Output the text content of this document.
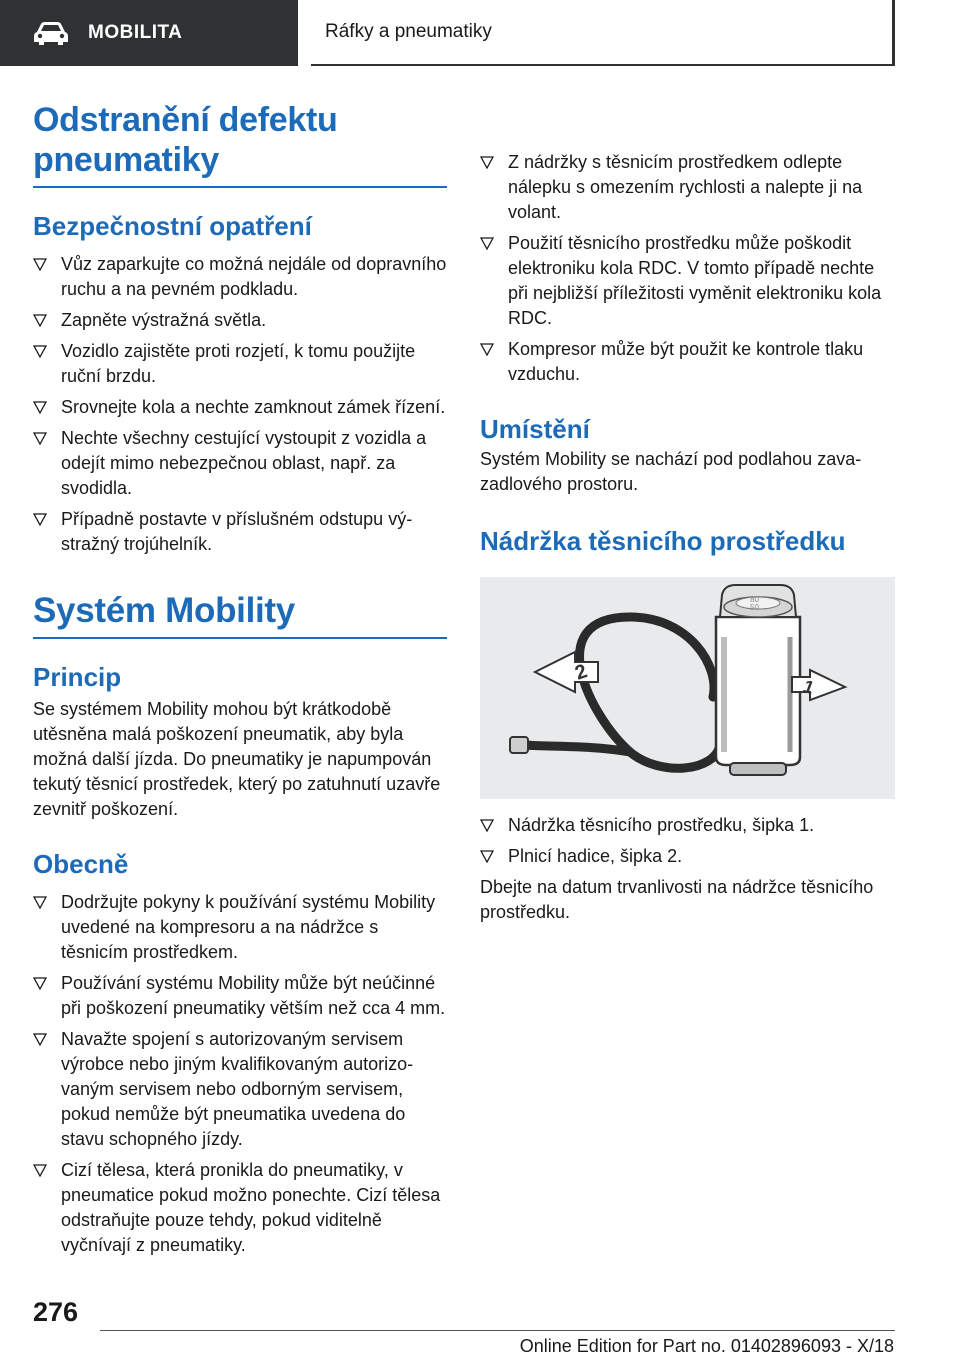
MOBILITA	Ráfky a pneumatiky
Odstranění defektu pneumatiky
Bezpečnostní opatření
Vůz zaparkujte co možná nejdále od dopravního ruchu a na pevném podkladu.
Zapněte výstražná světla.
Vozidlo zajistěte proti rozjetí, k tomu použijte ruční brzdu.
Srovnejte kola a nechte zamknout zámek řízení.
Nechte všechny cestující vystoupit z vozidla a odejít mimo nebezpečnou oblast, např. za svodidla.
Případně postavte v příslušném odstupu výstražný trojúhelník.
Systém Mobility
Princip

Se systémem Mobility mohou být krátkodobě utěsněna malá poškození pneumatik, aby byla možná další jízda. Do pneumatiky je napumpován tekutý těsnicí prostředek, který po zatuhnutí uzavře zevnitř poškození.

Obecně
Dodržujte pokyny k používání systému Mobility uvedené na kompresoru a na nádržce s těsnicím prostředkem.
Používání systému Mobility může být neúčinné při poškození pneumatiky větším než cca 4 mm.
Navažte spojení s autorizovaným servisem výrobce nebo jiným kvalifikovaným autorizovaným servisem nebo odborným servisem, pokud nemůže být pneumatika uvedena do stavu schopného jízdy.
Cizí tělesa, která pronikla do pneumatiky, v pneumatice pokud možno ponechte. Cizí tělesa odstraňujte pouze tehdy, pokud viditelně vyčnívají z pneumatiky.
Z nádržky s těsnicím prostředkem odlepte nálepku s omezením rychlosti a nalepte ji na volant.
Použití těsnicího prostředku může poškodit elektroniku kola RDC. V tomto případě nechte při nejbližší příležitosti vyměnit elektroniku kola RDC.
Kompresor může být použit ke kontrole tlaku vzduchu.
Umístění

Systém Mobility se nachází pod podlahou zavazadlového prostoru.

Nádržka těsnicího prostředku
80
50
2
1
Nádržka těsnicího prostředku, šipka 1.
Plnicí hadice, šipka 2.

Dbejte na datum trvanlivosti na nádržce těsnicího prostředku.

276
Online Edition for Part no. 01402896093 - X/18
